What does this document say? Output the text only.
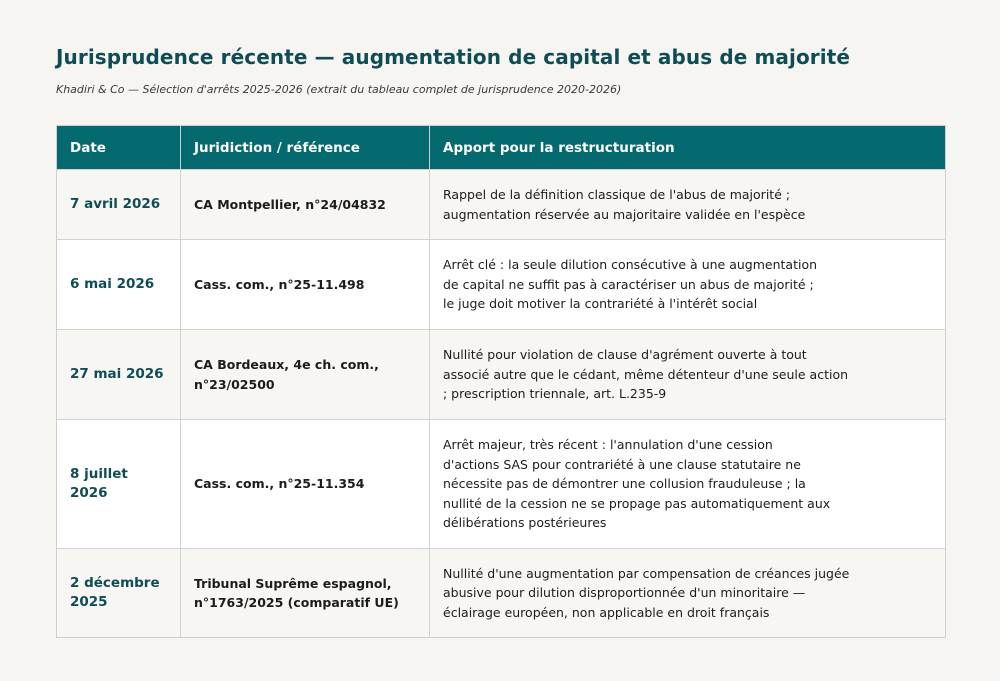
Jurisprudence récente — augmentation de capital et abus de majorité
Khadiri & Co — Sélection d'arrêts 2025-2026 (extrait du tableau complet de jurisprudence 2020-2026)
Date	Juridiction / référence	Apport pour la restructuration
7 avril 2026	CA Montpellier, n°24/04832	Rappel de la définition classique de l'abus de majorité ;
augmentation réservée au majoritaire validée en l'espèce

6 mai 2026	Cass. com., n°25-11.498	Arrêt clé : la seule dilution consécutive à une augmentation
de capital ne suffit pas à caractériser un abus de majorité ;
le juge doit motiver la contrariété à l'intérêt social

27 mai 2026	CA Bordeaux, 4e ch. com., n°23/02500	Nullité pour violation de clause d'agrément ouverte à tout
associé autre que le cédant, même détenteur d'une seule action
; prescription triennale, art. L.235-9

8 juillet 2026	Cass. com., n°25-11.354	Arrêt majeur, très récent : l'annulation d'une cession
d'actions SAS pour contrariété à une clause statutaire ne
nécessite pas de démontrer une collusion frauduleuse ; la
nullité de la cession ne se propage pas automatiquement aux
délibérations postérieures

2 décembre 2025	Tribunal Suprême espagnol, n°1763/2025 (comparatif UE)	Nullité d'une augmentation par compensation de créances jugée
abusive pour dilution disproportionnée d'un minoritaire —
éclairage européen, non applicable en droit français
